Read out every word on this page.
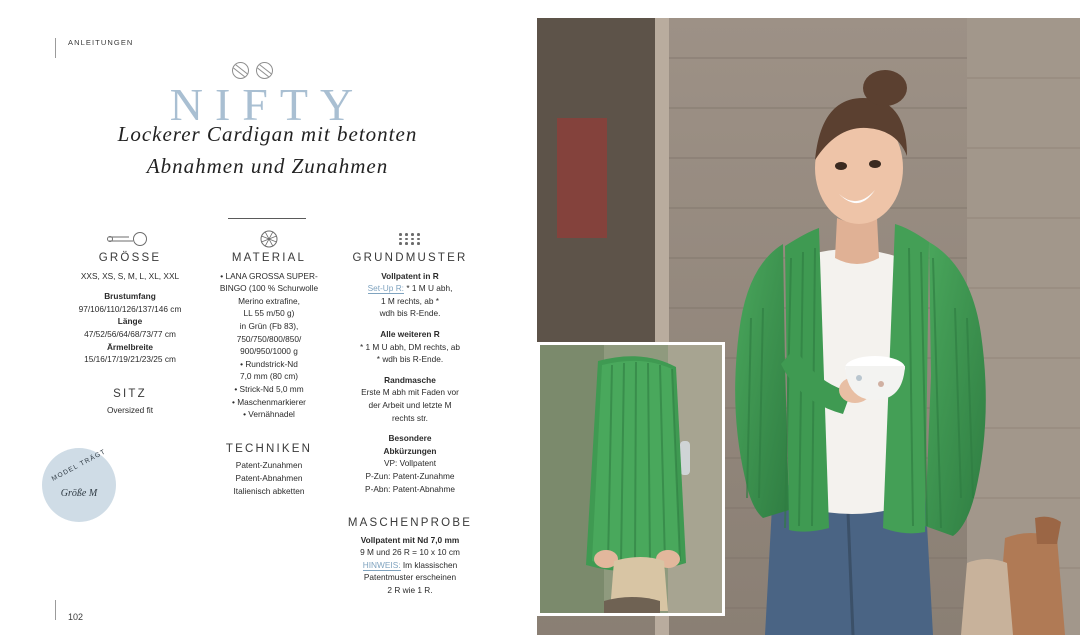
ANLEITUNGEN
102
NIFTY
Lockerer Cardigan mit betonten
Abnahmen und Zunahmen
GRÖSSE
XXS, XS, S, M, L, XL, XXL
Brustumfang
97/106/110/126/137/146 cm
Länge
47/52/56/64/68/73/77 cm
Ärmelbreite
15/16/17/19/21/23/25 cm
SITZ
Oversized fit
MATERIAL
• LANA GROSSA SUPER-
BINGO (100 % Schurwolle
Merino extrafine,
LL 55 m/50 g)
in Grün (Fb 83),
750/750/800/850/
900/950/1000 g
• Rundstrick-Nd
7,0 mm (80 cm)
• Strick-Nd 5,0 mm
• Maschenmarkierer
• Vernähnadel
TECHNIKEN
Patent-Zunahmen
Patent-Abnahmen
Italienisch abketten
GRUNDMUSTER
Vollpatent in R
Set-Up R: * 1 M U abh,
1 M rechts, ab *
wdh bis R-Ende.
Alle weiteren R
* 1 M U abh, DM rechts, ab
* wdh bis R-Ende.
Randmasche
Erste M abh mit Faden vor
der Arbeit und letzte M
rechts str.
Besondere
Abkürzungen
VP: Vollpatent
P-Zun: Patent-Zunahme
P-Abn: Patent-Abnahme
MASCHENPROBE
Vollpatent mit Nd 7,0 mm
9 M und 26 R = 10 x 10 cm
HINWEIS: Im klassischen
Patentmuster erscheinen
2 R wie 1 R.
MODEL TRÄGT
Größe M
